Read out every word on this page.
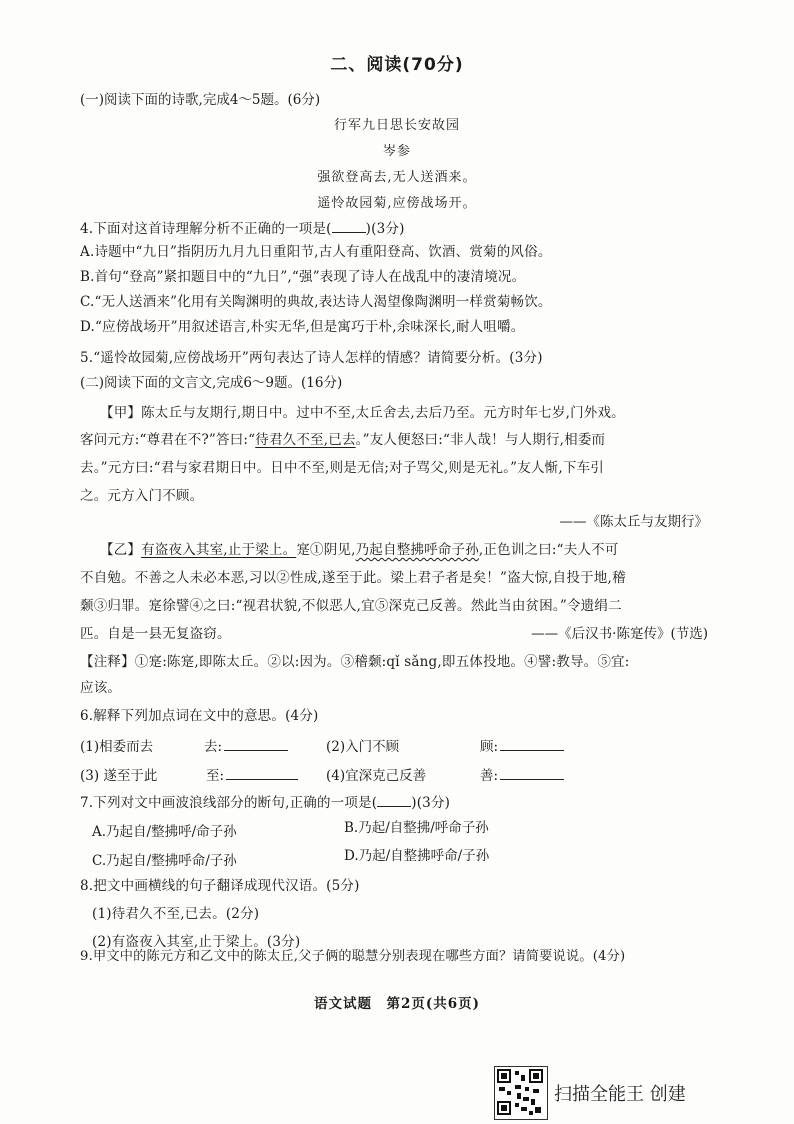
二、阅读(70分)
(一)阅读下面的诗歌,完成4～5题。(6分)
行军九日思长安故园
岑参
强欲登高去,无人送酒来。
遥怜故园菊,应傍战场开。
4.下面对这首诗理解分析不正确的一项是(	)(3分)
A.诗题中“九日”指阴历九月九日重阳节,古人有重阳登高、饮酒、赏菊的风俗。
B.首句“登高”紧扣题目中的“九日”,“强”表现了诗人在战乱中的凄清境况。
C.“无人送酒来”化用有关陶渊明的典故,表达诗人渴望像陶渊明一样赏菊畅饮。
D.“应傍战场开”用叙述语言,朴实无华,但是寓巧于朴,余味深长,耐人咀嚼。
5.“遥怜故园菊,应傍战场开”两句表达了诗人怎样的情感？请简要分析。(3分)
(二)阅读下面的文言文,完成6～9题。(16分)
【甲】陈太丘与友期行,期日中。过中不至,太丘舍去,去后乃至。元方时年七岁,门外戏。
客问元方:“尊君在不?”答曰:“待君久不至,已去。”友人便怒曰:“非人哉！与人期行,相委而
去。”元方曰:“君与家君期日中。日中不至,则是无信;对子骂父,则是无礼。”友人惭,下车引
之。元方入门不顾。
——《陈太丘与友期行》
【乙】有盗夜入其室,止于梁上。寔①阴见,乃起自整拂呼命子孙,正色训之曰:“夫人不可
不自勉。不善之人未必本恶,习以②性成,遂至于此。梁上君子者是矣！”盗大惊,自投于地,稽
颡③归罪。寔徐譬④之曰:“视君状貌,不似恶人,宜⑤深克己反善。然此当由贫困。”令遗绢二
匹。自是一县无复盗窃。	——《后汉书·陈寔传》(节选)
【注释】①寔:陈寔,即陈太丘。②以:因为。③稽颡:qǐ sǎng,即五体投地。④譬:教导。⑤宜:
应该。
6.解释下列加点词在文中的意思。(4分)
(1)相委而去	去:	(2)入门不顾	顾:
(3) 遂至于此	至:	(4)宜深克己反善	善:
7.下列对文中画波浪线部分的断句,正确的一项是(	)(3分)
A.乃起自/整拂呼/命子孙	B.乃起/自整拂/呼命子孙
C.乃起自/整拂呼命/子孙	D.乃起/自整拂呼命/子孙
8.把文中画横线的句子翻译成现代汉语。(5分)
(1)待君久不至,已去。(2分)
(2)有盗夜入其室,止于梁上。(3分)
9.甲文中的陈元方和乙文中的陈太丘,父子俩的聪慧分别表现在哪些方面？请简要说说。(4分)
语文试题　第2页(共6页)
扫描全能王 创建
